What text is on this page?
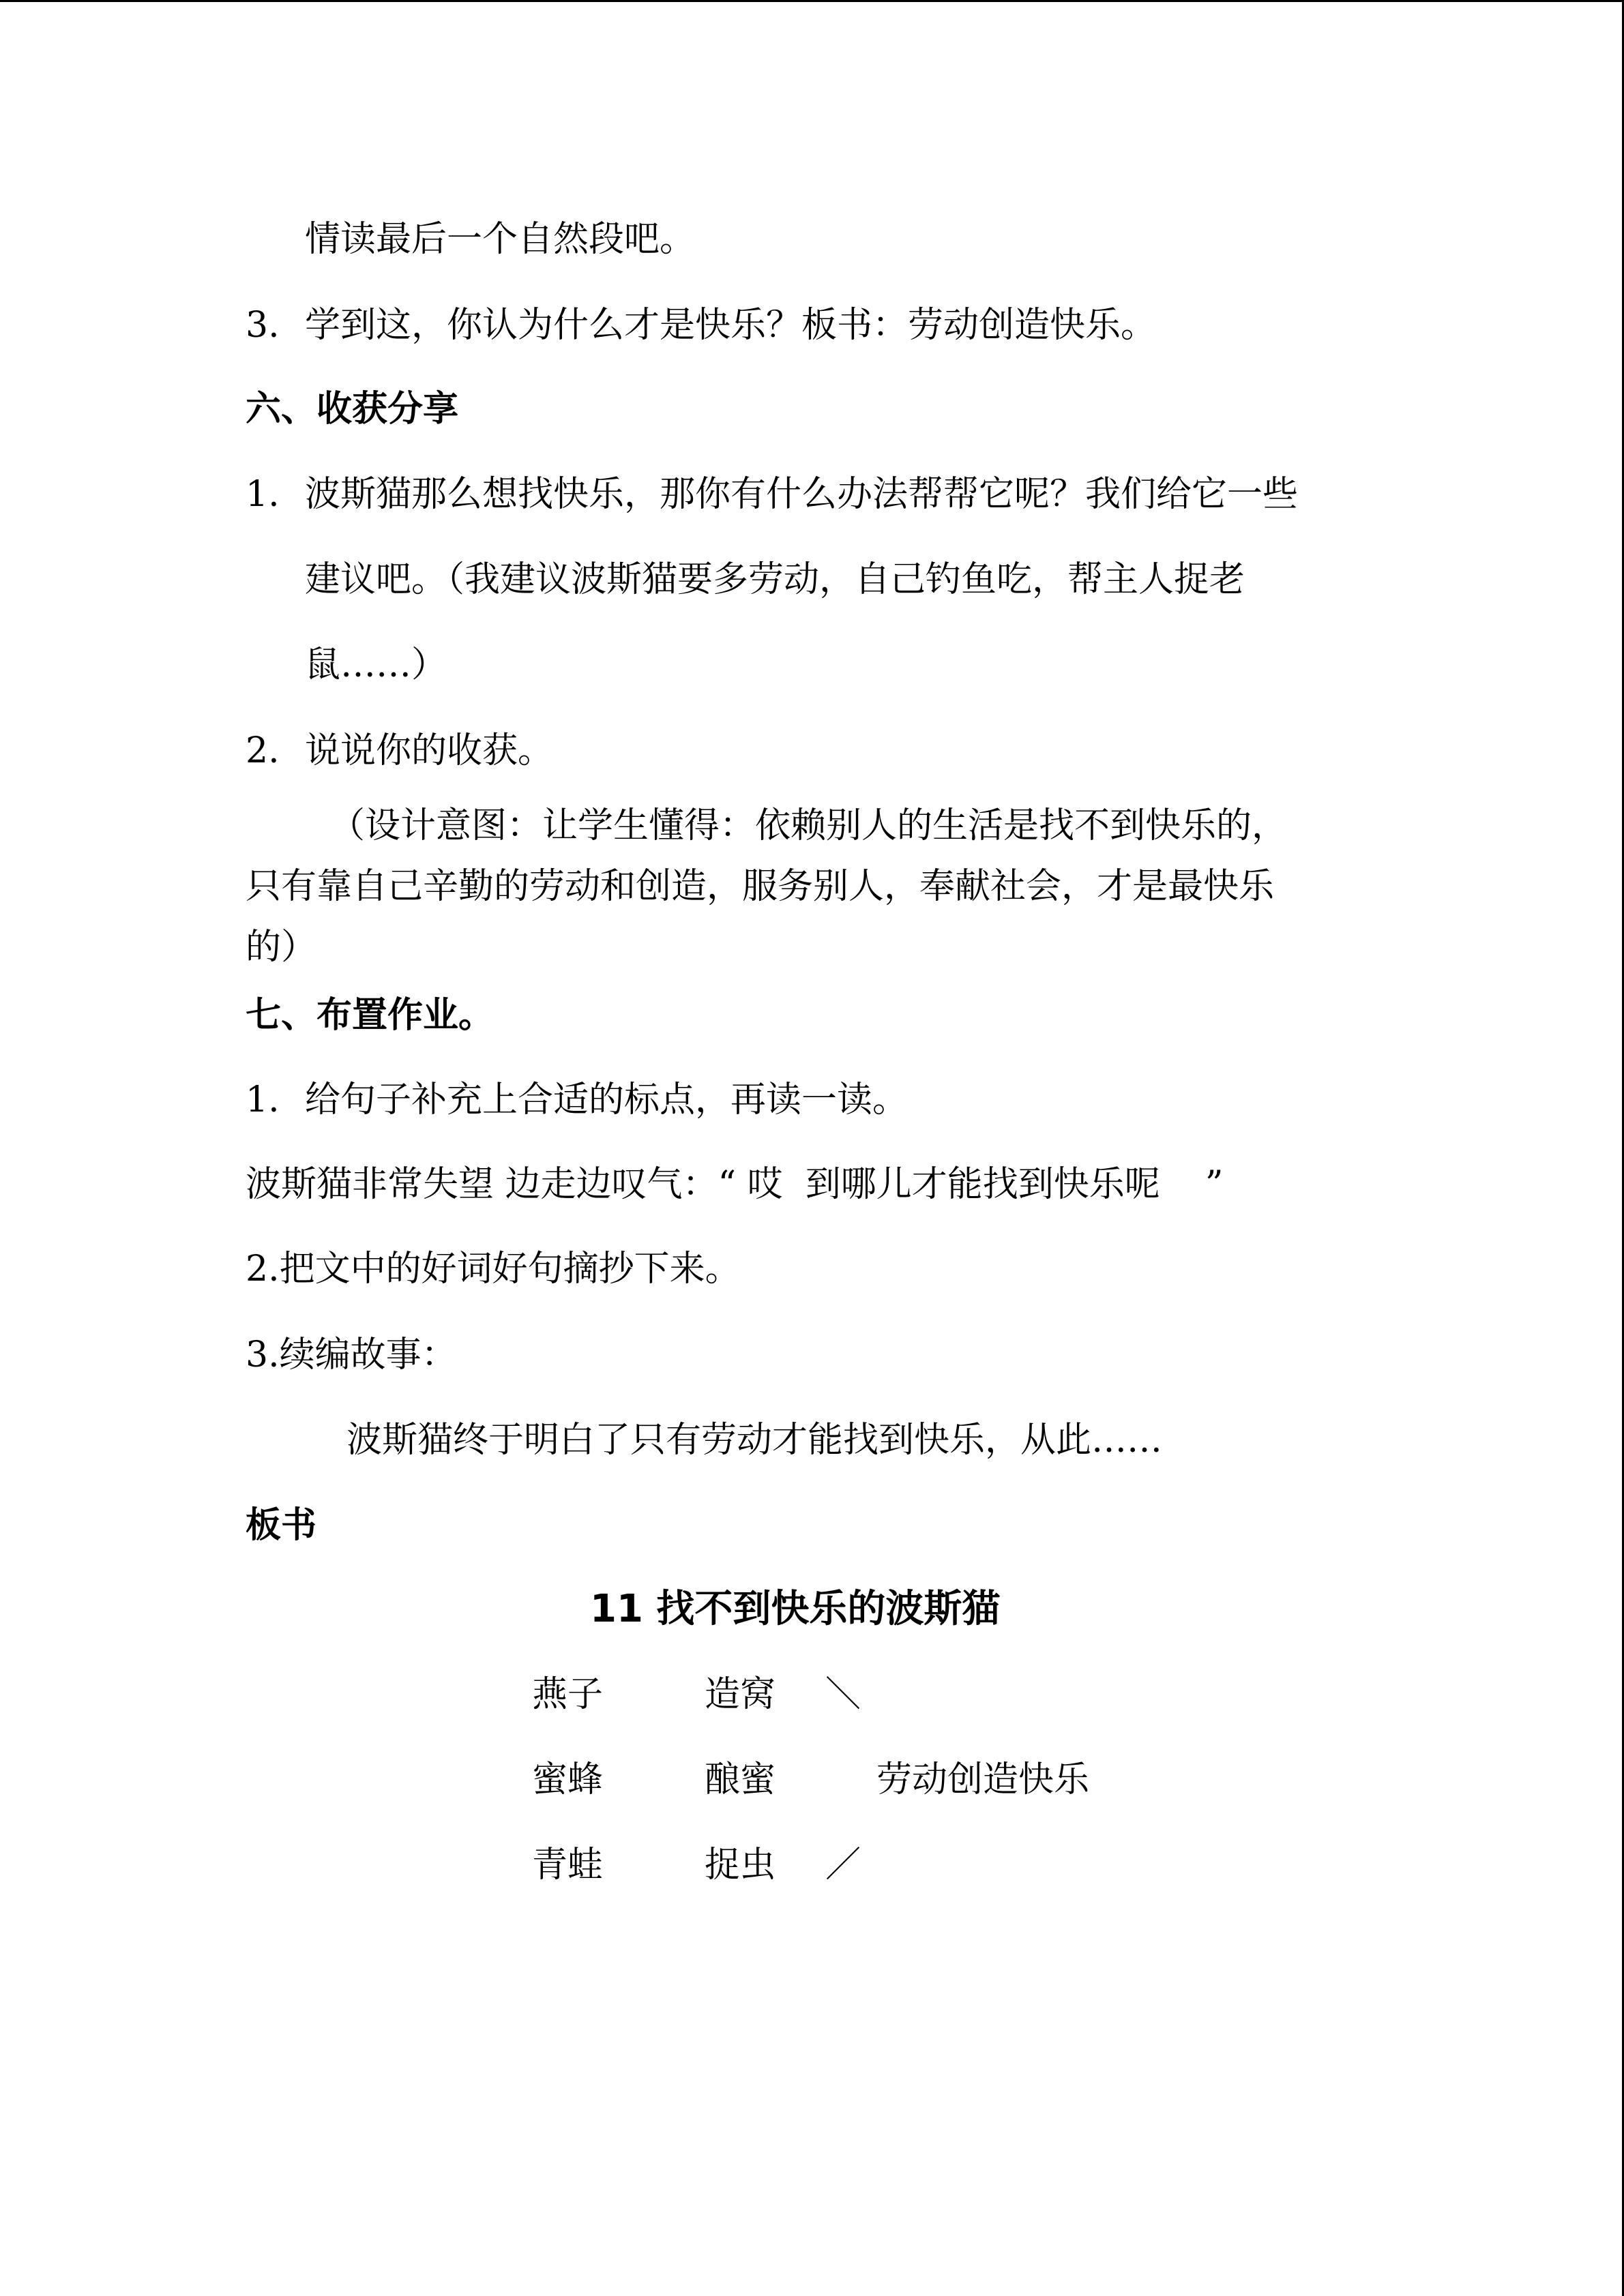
情读最后一个自然段吧。
3. 学到这，你认为什么才是快乐？板书：劳动创造快乐。
六、收获分享
1. 波斯猫那么想找快乐，那你有什么办法帮帮它呢？我们给它一些
建议吧。（我建议波斯猫要多劳动，自己钓鱼吃，帮主人捉老
鼠……）
2. 说说你的收获。
（设计意图：让学生懂得：依赖别人的生活是找不到快乐的，
只有靠自己辛勤的劳动和创造，服务别人，奉献社会，才是最快乐
的）
七、布置作业。
1. 给句子补充上合适的标点，再读一读。
波斯猫非常失望 边走边叹气：“ 哎  到哪儿才能找到快乐呢    ”
2.把文中的好词好句摘抄下来。
3.续编故事：
波斯猫终于明白了只有劳动才能找到快乐，从此……
板书
11 找不到快乐的波斯猫
燕子	造窝 ＼
蜜蜂	酿蜜	劳动创造快乐
青蛙	捉虫 ／
